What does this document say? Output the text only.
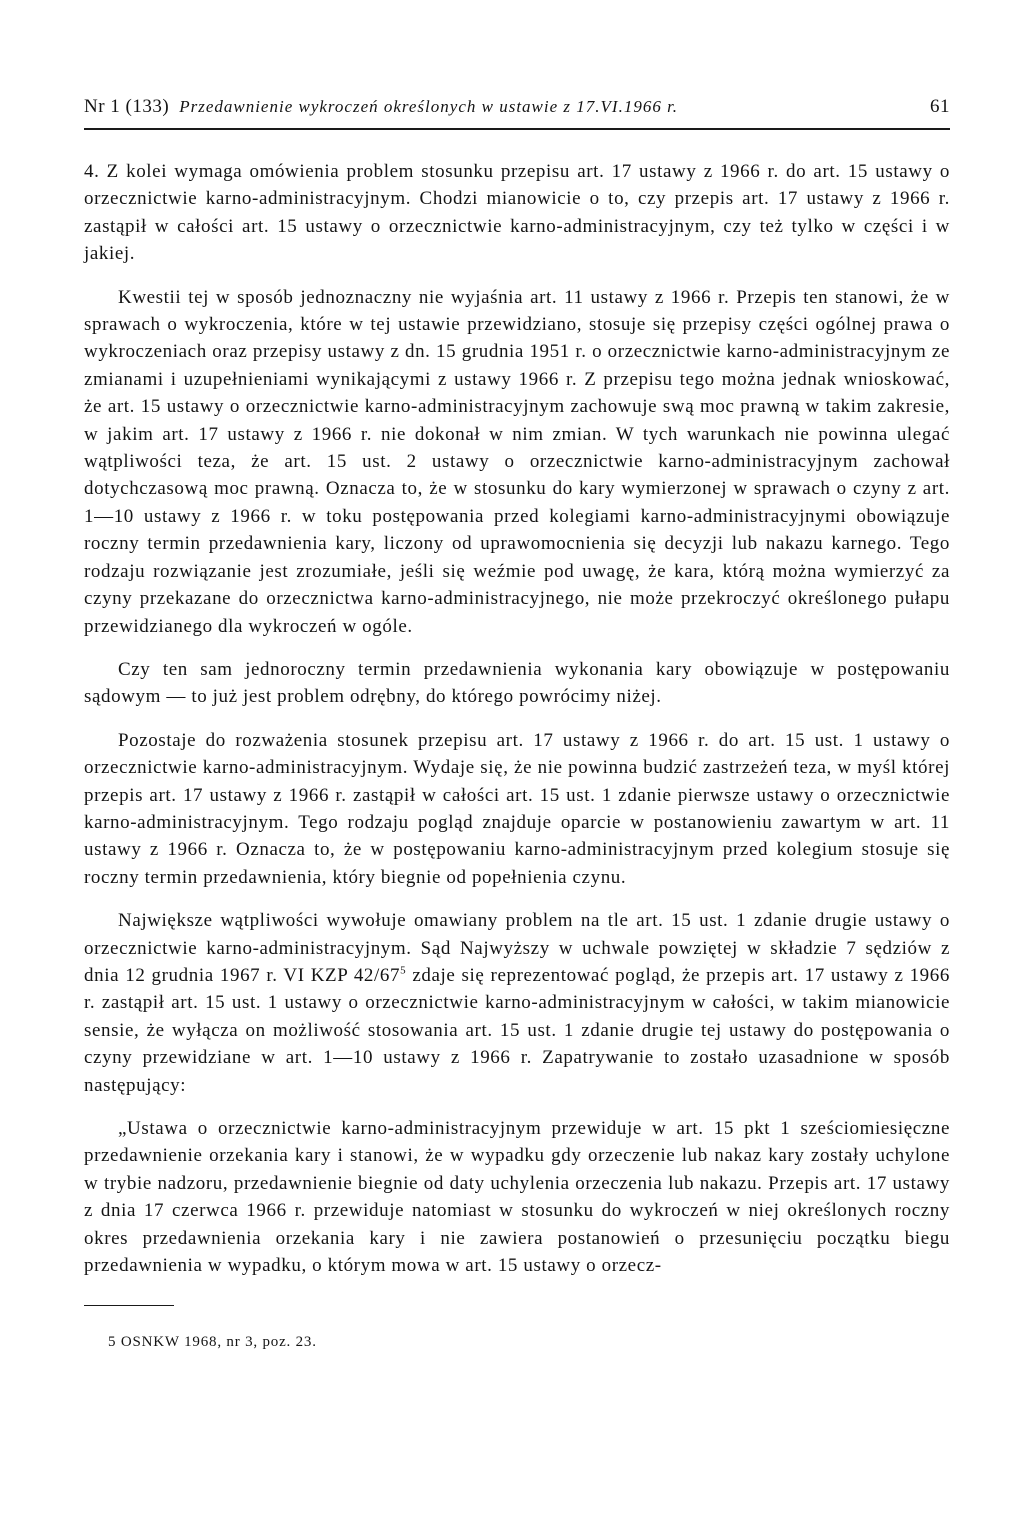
Nr 1 (133) Przedawnienie wykroczeń określonych w ustawie z 17.VI.1966 r.	61

4. Z kolei wymaga omówienia problem stosunku przepisu art. 17 ustawy z 1966 r. do art. 15 ustawy o orzecznictwie karno-administracyjnym. Chodzi mianowicie o to, czy przepis art. 17 ustawy z 1966 r. zastąpił w całości art. 15 ustawy o orzecznictwie karno-administracyjnym, czy też tylko w części i w jakiej.

Kwestii tej w sposób jednoznaczny nie wyjaśnia art. 11 ustawy z 1966 r. Przepis ten stanowi, że w sprawach o wykroczenia, które w tej ustawie przewidziano, stosuje się przepisy części ogólnej prawa o wykroczeniach oraz przepisy ustawy z dn. 15 grudnia 1951 r. o orzecznictwie karno-administracyjnym ze zmianami i uzupełnieniami wynikającymi z ustawy 1966 r. Z przepisu tego można jednak wnioskować, że art. 15 ustawy o orzecznictwie karno-administracyjnym zachowuje swą moc prawną w takim zakresie, w jakim art. 17 ustawy z 1966 r. nie dokonał w nim zmian. W tych warunkach nie powinna ulegać wątpliwości teza, że art. 15 ust. 2 ustawy o orzecznictwie karno-administracyjnym zachował dotychczasową moc prawną. Oznacza to, że w stosunku do kary wymierzonej w sprawach o czyny z art. 1—10 ustawy z 1966 r. w toku postępowania przed kolegiami karno-administracyjnymi obowiązuje roczny termin przedawnienia kary, liczony od uprawomocnienia się decyzji lub nakazu karnego. Tego rodzaju rozwiązanie jest zrozumiałe, jeśli się weźmie pod uwagę, że kara, którą można wymierzyć za czyny przekazane do orzecznictwa karno-administracyjnego, nie może przekroczyć określonego pułapu przewidzianego dla wykroczeń w ogóle.

Czy ten sam jednoroczny termin przedawnienia wykonania kary obowiązuje w postępowaniu sądowym — to już jest problem odrębny, do którego powrócimy niżej.

Pozostaje do rozważenia stosunek przepisu art. 17 ustawy z 1966 r. do art. 15 ust. 1 ustawy o orzecznictwie karno-administracyjnym. Wydaje się, że nie powinna budzić zastrzeżeń teza, w myśl której przepis art. 17 ustawy z 1966 r. zastąpił w całości art. 15 ust. 1 zdanie pierwsze ustawy o orzecznictwie karno-administracyjnym. Tego rodzaju pogląd znajduje oparcie w postanowieniu zawartym w art. 11 ustawy z 1966 r. Oznacza to, że w postępowaniu karno-administracyjnym przed kolegium stosuje się roczny termin przedawnienia, który biegnie od popełnienia czynu.

Największe wątpliwości wywołuje omawiany problem na tle art. 15 ust. 1 zdanie drugie ustawy o orzecznictwie karno-administracyjnym. Sąd Najwyższy w uchwale powziętej w składzie 7 sędziów z dnia 12 grudnia 1967 r. VI KZP $42/67^5$ zdaje się reprezentować pogląd, że przepis art. 17 ustawy z 1966 r. zastąpił art. 15 ust. 1 ustawy o orzecznictwie karno-administracyjnym w całości, w takim mianowicie sensie, że wyłącza on możliwość stosowania art. 15 ust. 1 zdanie drugie tej ustawy do postępowania o czyny przewidziane w art. 1—10 ustawy z 1966 r. Zapatrywanie to zostało uzasadnione w sposób następujący:

„Ustawa o orzecznictwie karno-administracyjnym przewiduje w art. 15 pkt 1 sześciomiesięczne przedawnienie orzekania kary i stanowi, że w wypadku gdy orzeczenie lub nakaz kary zostały uchylone w trybie nadzoru, przedawnienie biegnie od daty uchylenia orzeczenia lub nakazu. Przepis art. 17 ustawy z dnia 17 czerwca 1966 r. przewiduje natomiast w stosunku do wykroczeń w niej określonych roczny okres przedawnienia orzekania kary i nie zawiera postanowień o przesunięciu początku biegu przedawnienia w wypadku, o którym mowa w art. 15 ustawy o orzecz-

5 OSNKW 1968, nr 3, poz. 23.
